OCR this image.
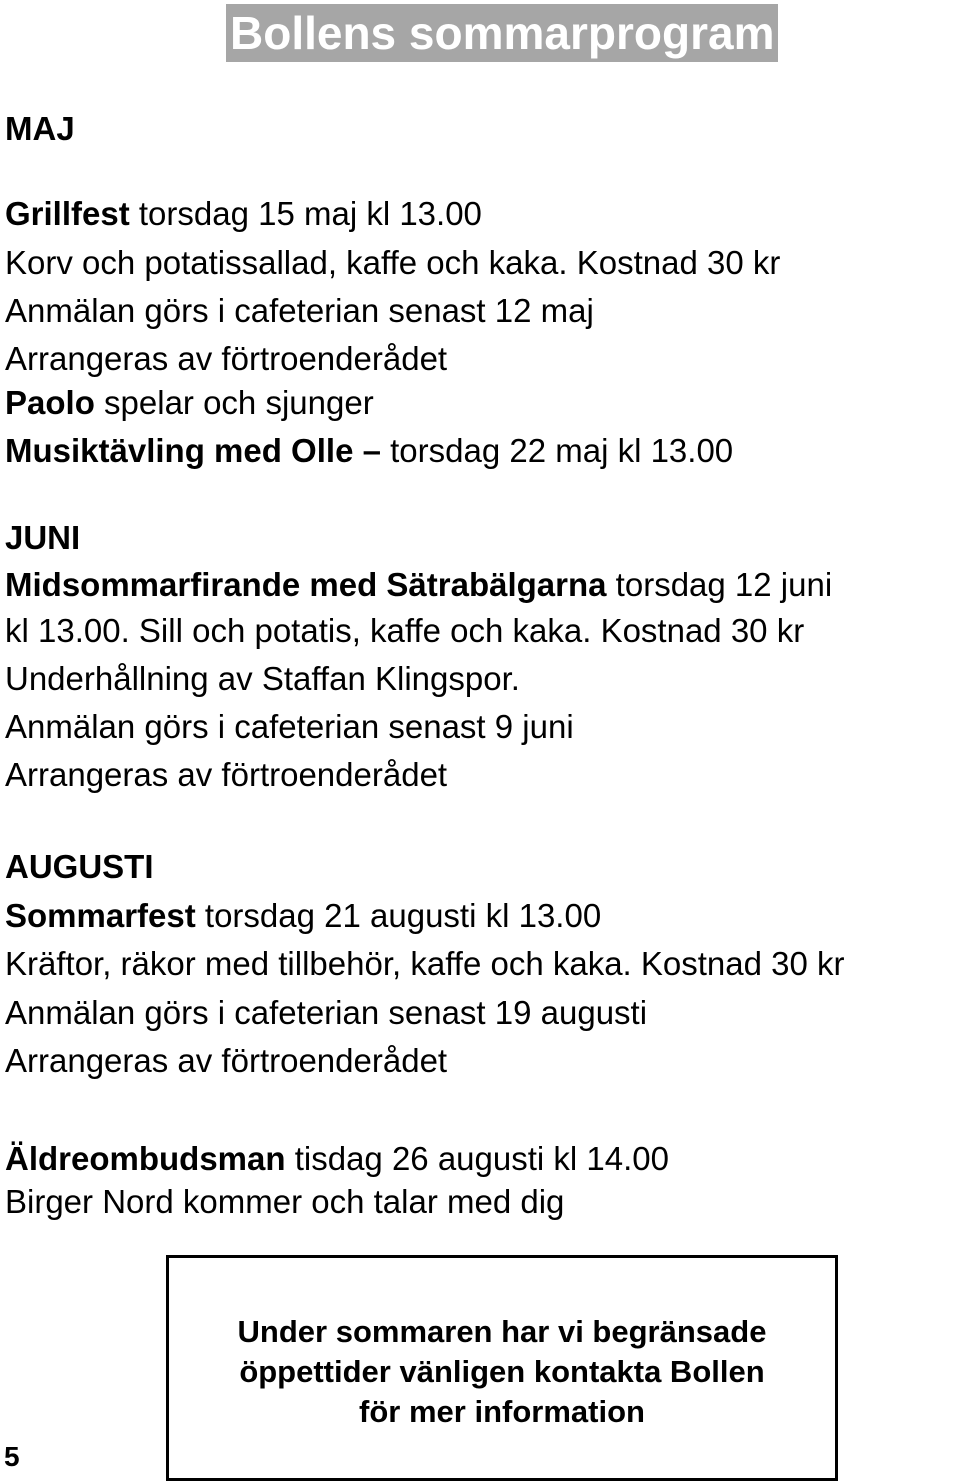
Bollens sommarprogram
MAJ
Grillfest torsdag 15 maj kl 13.00
Korv och potatissallad, kaffe och kaka. Kostnad 30 kr
Anmälan görs i cafeterian senast 12 maj
Arrangeras av förtroenderådet
Paolo spelar och sjunger
Musiktävling med Olle – torsdag 22 maj kl 13.00
JUNI
Midsommarfirande med Sätrabälgarna torsdag 12 juni
kl 13.00. Sill och potatis, kaffe och kaka. Kostnad 30 kr
Underhållning av Staffan Klingspor.
Anmälan görs i cafeterian senast 9 juni
Arrangeras av förtroenderådet
AUGUSTI
Sommarfest torsdag 21 augusti kl 13.00
Kräftor, räkor med tillbehör, kaffe och kaka. Kostnad 30 kr
Anmälan görs i cafeterian senast 19 augusti
Arrangeras av förtroenderådet
Äldreombudsman tisdag 26 augusti kl 14.00
Birger Nord kommer och talar med dig
Under sommaren har vi begränsade
öppettider vänligen kontakta Bollen
för mer information
5
